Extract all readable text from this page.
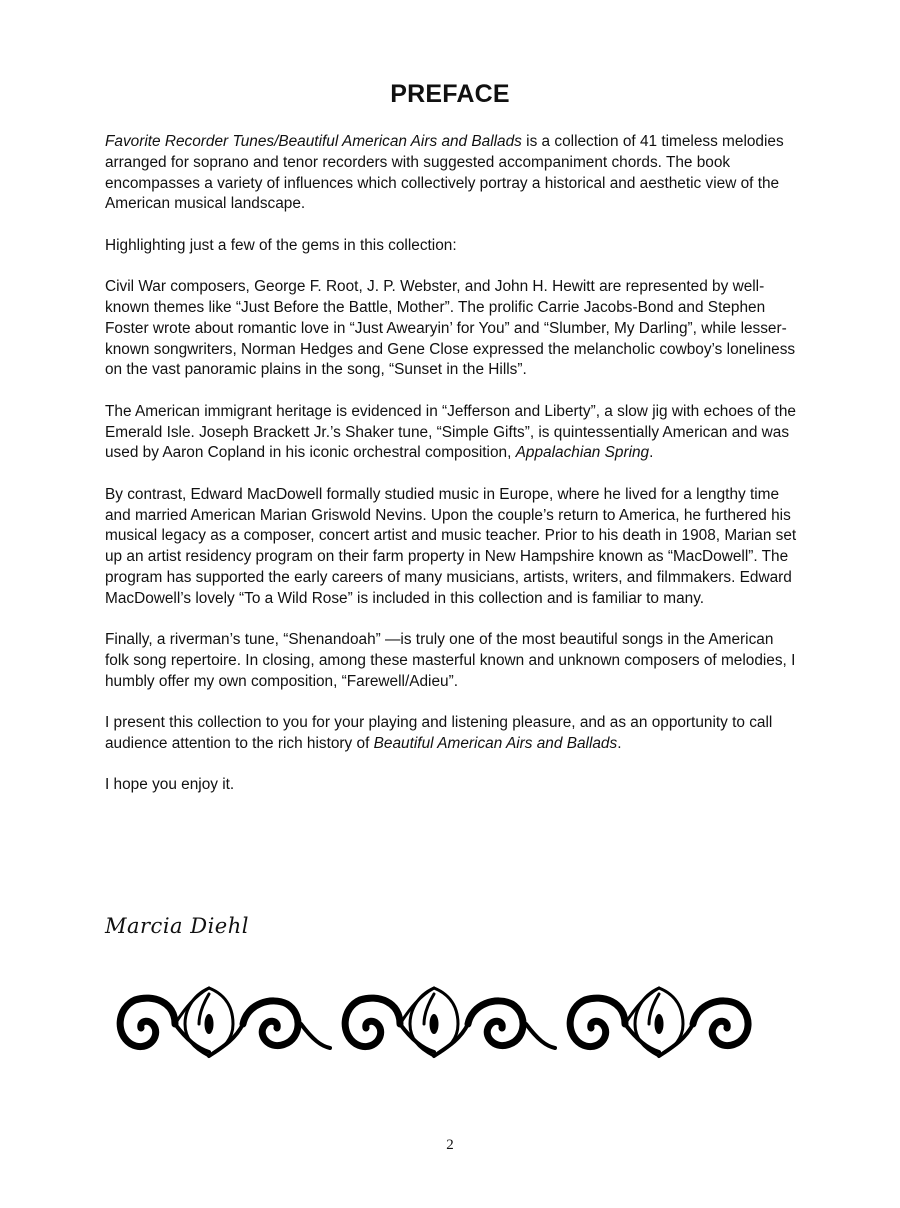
PREFACE

Favorite Recorder Tunes/Beautiful American Airs and Ballads is a collection of 41 timeless melodies arranged for soprano and tenor recorders with suggested accompaniment chords. The book encompasses a variety of influences which collectively portray a historical and aesthetic view of the American musical landscape.

Highlighting just a few of the gems in this collection:

Civil War composers, George F. Root, J. P. Webster, and John H. Hewitt are represented by well-known themes like “Just Before the Battle, Mother”. The prolific Carrie Jacobs-Bond and Stephen Foster wrote about romantic love in “Just Awearyin’ for You” and “Slumber, My Darling”, while lesser-known songwriters, Norman Hedges and Gene Close expressed the melancholic cowboy’s loneliness on the vast panoramic plains in the song, “Sunset in the Hills”.

The American immigrant heritage is evidenced in “Jefferson and Liberty”, a slow jig with echoes of the Emerald Isle. Joseph Brackett Jr.’s Shaker tune, “Simple Gifts”, is quintessentially American and was used by Aaron Copland in his iconic orchestral composition, Appalachian Spring.

By contrast, Edward MacDowell formally studied music in Europe, where he lived for a lengthy time and married American Marian Griswold Nevins. Upon the couple’s return to America, he furthered his musical legacy as a composer, concert artist and music teacher. Prior to his death in 1908, Marian set up an artist residency program on their farm property in New Hampshire known as “MacDowell”. The program has supported the early careers of many musicians, artists, writers, and filmmakers. Edward MacDowell’s lovely “To a Wild Rose” is included in this collection and is familiar to many.

Finally, a riverman’s tune, “Shenandoah” —is truly one of the most beautiful songs in the American folk song repertoire. In closing, among these masterful known and unknown composers of melodies, I humbly offer my own composition, “Farewell/Adieu”.

I present this collection to you for your playing and listening pleasure, and as an opportunity to call audience attention to the rich history of Beautiful American Airs and Ballads.

I hope you enjoy it.

Marcia Diehl
2
